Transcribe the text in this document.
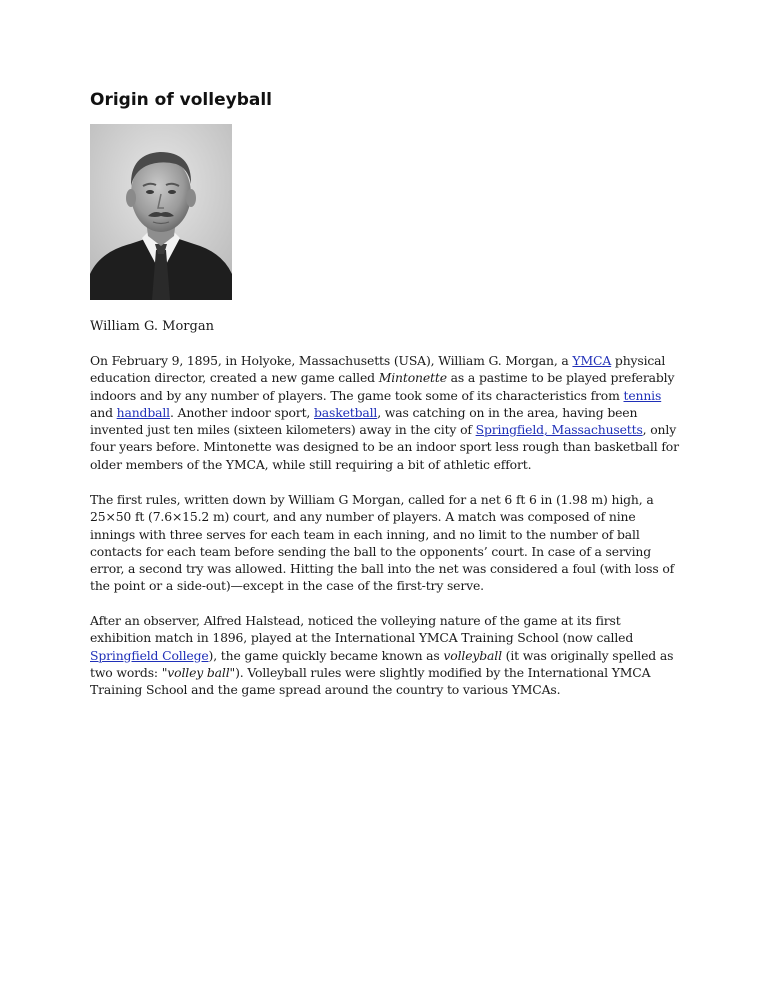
Origin of volleyball
William G. Morgan

On February 9, 1895, in Holyoke, Massachusetts (USA), William G. Morgan, a YMCA physical education director, created a new game called Mintonette as a pastime to be played preferably indoors and by any number of players. The game took some of its characteristics from tennis and handball. Another indoor sport, basketball, was catching on in the area, having been invented just ten miles (sixteen kilometers) away in the city of Springfield, Massachusetts, only four years before. Mintonette was designed to be an indoor sport less rough than basketball for older members of the YMCA, while still requiring a bit of athletic effort.

The first rules, written down by William G Morgan, called for a net 6 ft 6 in (1.98 m) high, a 25×50 ft (7.6×15.2 m) court, and any number of players. A match was composed of nine innings with three serves for each team in each inning, and no limit to the number of ball contacts for each team before sending the ball to the opponents’ court. In case of a serving error, a second try was allowed. Hitting the ball into the net was considered a foul (with loss of the point or a side-out)—except in the case of the first-try serve.

After an observer, Alfred Halstead, noticed the volleying nature of the game at its first exhibition match in 1896, played at the International YMCA Training School (now called Springfield College), the game quickly became known as volleyball (it was originally spelled as two words: "volley ball"). Volleyball rules were slightly modified by the International YMCA Training School and the game spread around the country to various YMCAs.
